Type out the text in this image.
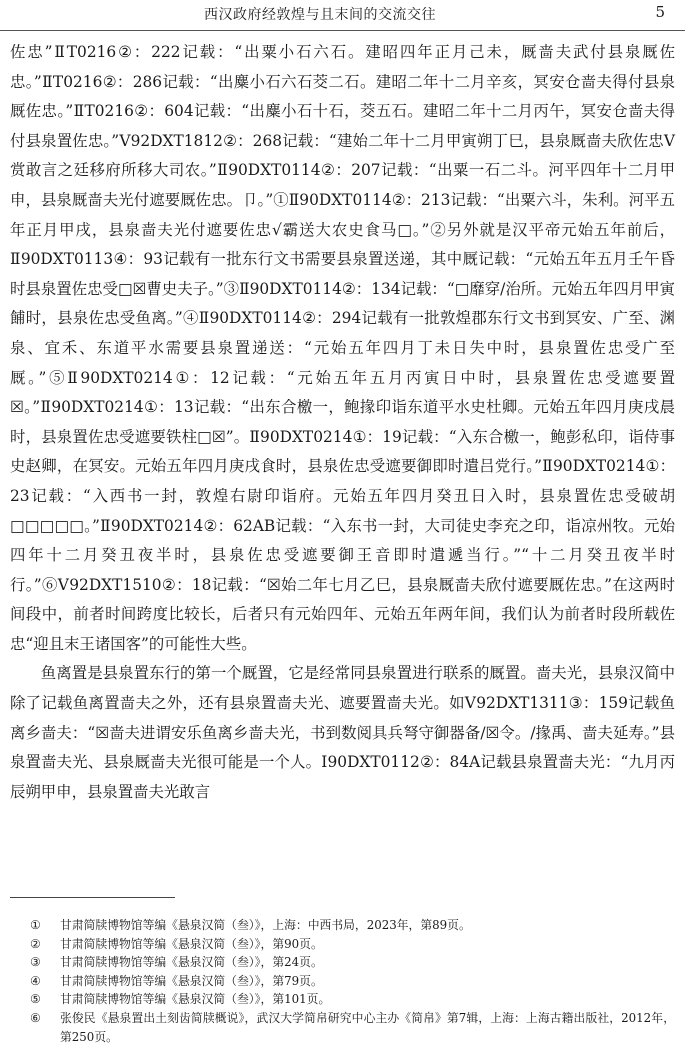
西汉政府经敦煌与且末间的交流交往	5

佐忠”ⅡT0216②：222记载：“出粟小石六石。建昭四年正月己未，厩啬夫武付县泉厩佐忠。”ⅡT0216②：286记载：“出麋小石六石茭二石。建昭二年十二月辛亥，冥安仓啬夫得付县泉厩佐忠。”ⅡT0216②：604记载：“出麋小石十石，茭五石。建昭二年十二月丙午，冥安仓啬夫得付县泉置佐忠。”Ⅴ92DXT1812②：268记载：“建始二年十二月甲寅朔丁巳，县泉厩啬夫欣佐忠Ⅴ赏敢言之廷移府所移大司农。”Ⅱ90DXT0114②：207记载：“出粟一石二斗。河平四年十二月甲申，县泉厩啬夫光付遮要厩佐忠。卩。”①Ⅱ90DXT0114②：213记载：“出粟六斗，朱利。河平五年正月甲戌，县泉啬夫光付遮要佐忠√霸送大农史食马□。”②另外就是汉平帝元始五年前后，Ⅱ90DXT0113④：93记载有一批东行文书需要县泉置送递，其中厩记载：“元始五年五月壬午昏时县泉置佐忠受□☒曹史夫子。”③Ⅱ90DXT0114②：134记载：“□靡穿/治所。元始五年四月甲寅餔时，县泉佐忠受鱼离。”④Ⅱ90DXT0114②：294记载有一批敦煌郡东行文书到冥安、广至、渊泉、宜禾、东道平水需要县泉置递送：“元始五年四月丁未日失中时，县泉置佐忠受广至厩。”⑤Ⅱ90DXT0214①：12记载：“元始五年五月丙寅日中时，县泉置佐忠受遮要置☒。”Ⅱ90DXT0214①：13记载：“出东合檄一，鲍掾印诣东道平水史杜卿。元始五年四月庚戌晨时，县泉置佐忠受遮要铁柱□☒”。Ⅱ90DXT0214①：19记载：“入东合檄一，鲍彭私印，诣侍事史赵卿，在冥安。元始五年四月庚戌食时，县泉佐忠受遮要御即时遣吕党行。”Ⅱ90DXT0214①：23记载：“入西书一封，敦煌右尉印诣府。元始五年四月癸丑日入时，县泉置佐忠受破胡□□□□□。”Ⅱ90DXT0214②：62AB记载：“入东书一封，大司徒史李充之印，诣凉州牧。元始四年十二月癸丑夜半时，县泉佐忠受遮要御王音即时遣遞当行。”“十二月癸丑夜半时行。”⑥Ⅴ92DXT1510②：18记载：“☒始二年七月乙巳，县泉厩啬夫欣付遮要厩佐忠。”在这两时间段中，前者时间跨度比较长，后者只有元始四年、元始五年两年间，我们认为前者时段所载佐忠“迎且末王诸国客”的可能性大些。

鱼离置是县泉置东行的第一个厩置，它是经常同县泉置进行联系的厩置。啬夫光，县泉汉简中除了记载鱼离置啬夫之外，还有县泉置啬夫光、遮要置啬夫光。如Ⅴ92DXT1311③：159记载鱼离乡啬夫：“☒啬夫进谓安乐鱼离乡啬夫光，书到数阅具兵弩守御器备/☒令。/掾禹、啬夫延寿。”县泉置啬夫光、县泉厩啬夫光很可能是一个人。Ⅰ90DXT0112②：84A记载县泉置啬夫光：“九月丙辰朔甲申，县泉置啬夫光敢言

①	甘肃简牍博物馆等编《悬泉汉简（叁）》，上海：中西书局，2023年，第89页。
②	甘肃简牍博物馆等编《悬泉汉简（叁）》，第90页。
③	甘肃简牍博物馆等编《悬泉汉简（叁）》，第24页。
④	甘肃简牍博物馆等编《悬泉汉简（叁）》，第79页。
⑤	甘肃简牍博物馆等编《悬泉汉简（叁）》，第101页。
⑥	张俊民《悬泉置出土刻齿简牍概说》，武汉大学简帛研究中心主办《简帛》第7辑，上海：上海古籍出版社，2012年，第250页。
